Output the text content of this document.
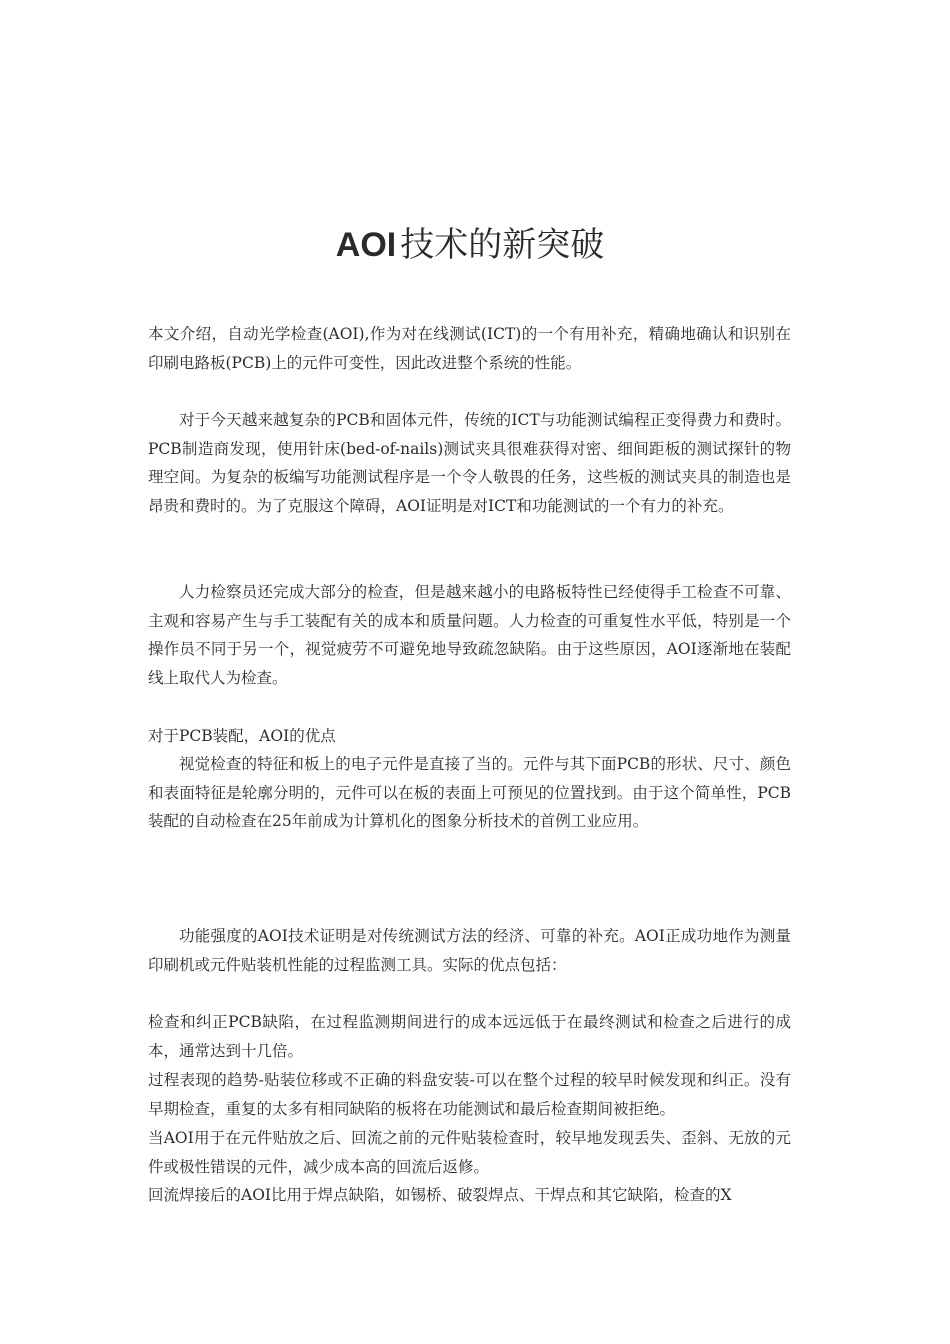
AOI 技术的新突破

本文介绍，自动光学检查(AOI),作为对在线测试(ICT)的一个有用补充，精确地确认和识别在印刷电路板(PCB)上的元件可变性，因此改进整个系统的性能。

对于今天越来越复杂的PCB和固体元件，传统的ICT与功能测试编程正变得费力和费时。PCB制造商发现，使用针床(bed-of-nails)测试夹具很难获得对密、细间距板的测试探针的物理空间。为复杂的板编写功能测试程序是一个令人敬畏的任务，这些板的测试夹具的制造也是昂贵和费时的。为了克服这个障碍，AOI证明是对ICT和功能测试的一个有力的补充。

人力检察员还完成大部分的检查，但是越来越小的电路板特性已经使得手工检查不可靠、主观和容易产生与手工装配有关的成本和质量问题。人力检查的可重复性水平低，特别是一个操作员不同于另一个，视觉疲劳不可避免地导致疏忽缺陷。由于这些原因，AOI逐渐地在装配线上取代人为检查。

对于PCB装配，AOI的优点

视觉检查的特征和板上的电子元件是直接了当的。元件与其下面PCB的形状、尺寸、颜色和表面特征是轮廓分明的，元件可以在板的表面上可预见的位置找到。由于这个简单性，PCB装配的自动检查在25年前成为计算机化的图象分析技术的首例工业应用。

功能强度的AOI技术证明是对传统测试方法的经济、可靠的补充。AOI正成功地作为测量印刷机或元件贴装机性能的过程监测工具。实际的优点包括：

检查和纠正PCB缺陷，在过程监测期间进行的成本远远低于在最终测试和检查之后进行的成本，通常达到十几倍。

过程表现的趋势-贴装位移或不正确的料盘安装-可以在整个过程的较早时候发现和纠正。没有早期检查，重复的太多有相同缺陷的板将在功能测试和最后检查期间被拒绝。

当AOI用于在元件贴放之后、回流之前的元件贴装检查时，较早地发现丢失、歪斜、无放的元件或极性错误的元件，减少成本高的回流后返修。

回流焊接后的AOI比用于焊点缺陷，如锡桥、破裂焊点、干焊点和其它缺陷，检查的X
